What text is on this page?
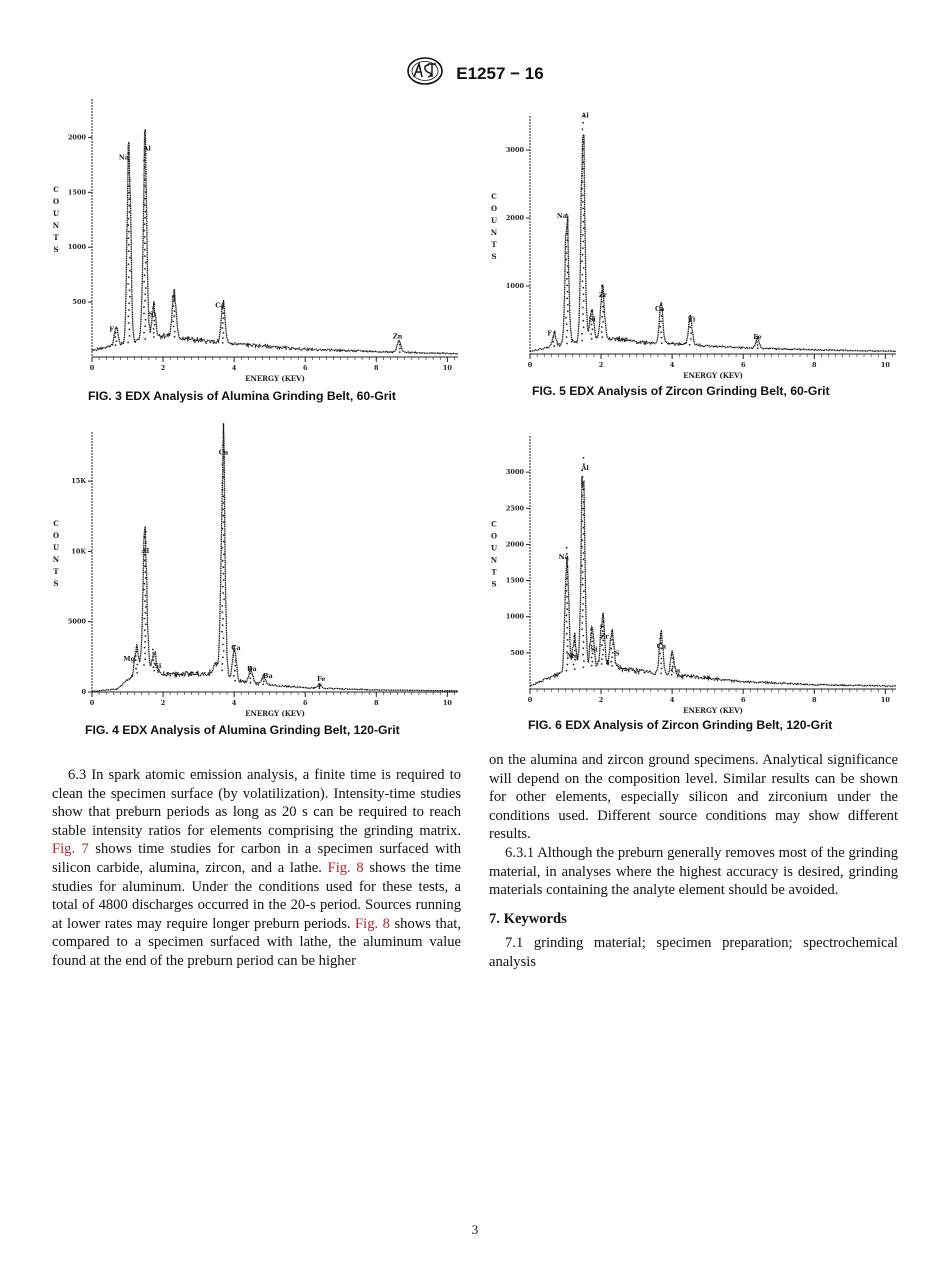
E1257 − 16
0	2	4	6	8	10
500
1000
1500
2000
ENERGY (KEV)
C
O
U
N
T
S
F
Na
Al
Si
S
Ca
Zn
FIG. 3 EDX Analysis of Alumina Grinding Belt, 60-Grit
0	2	4	6	8	10
1000
2000
3000
ENERGY (KEV)
C
O
U
N
T
S
F
Na
Al
Si
Zr
Ca
Ti
Fe
FIG. 5 EDX Analysis of Zircon Grinding Belt, 60-Grit
0	2	4	6	8	10
0
5000
10K
15K
ENERGY (KEV)
C
O
U
N
T
S
Mg
Al
Si
Ca
Ca
Ba
Ba	Fe
FIG. 4 EDX Analysis of Alumina Grinding Belt, 120-Grit
0	2	4	6	8	10
500
1000
1500
2000
2500
3000
ENERGY (KEV)
C
O
U
N
T
S
Na
Al
Mg
Si
Zr
S
Ca
Ca
FIG. 6 EDX Analysis of Zircon Grinding Belt, 120-Grit

6.3 In spark atomic emission analysis, a finite time is required to clean the specimen surface (by volatilization). Intensity-time studies show that preburn periods as long as 20 s can be required to reach stable intensity ratios for elements comprising the grinding matrix. Fig. 7 shows time studies for carbon in a specimen surfaced with silicon carbide, alumina, zircon, and a lathe. Fig. 8 shows the time studies for aluminum. Under the conditions used for these tests, a total of 4800 discharges occurred in the 20-s period. Sources running at lower rates may require longer preburn periods. Fig. 8 shows that, compared to a specimen surfaced with lathe, the aluminum value found at the end of the preburn period can be higher

on the alumina and zircon ground specimens. Analytical significance will depend on the composition level. Similar results can be shown for other elements, especially silicon and zirconium under the conditions used. Different source conditions may show different results.

6.3.1 Although the preburn generally removes most of the grinding material, in analyses where the highest accuracy is desired, grinding materials containing the analyte element should be avoided.

7. Keywords

7.1 grinding material; specimen preparation; spectrochemical analysis

3
